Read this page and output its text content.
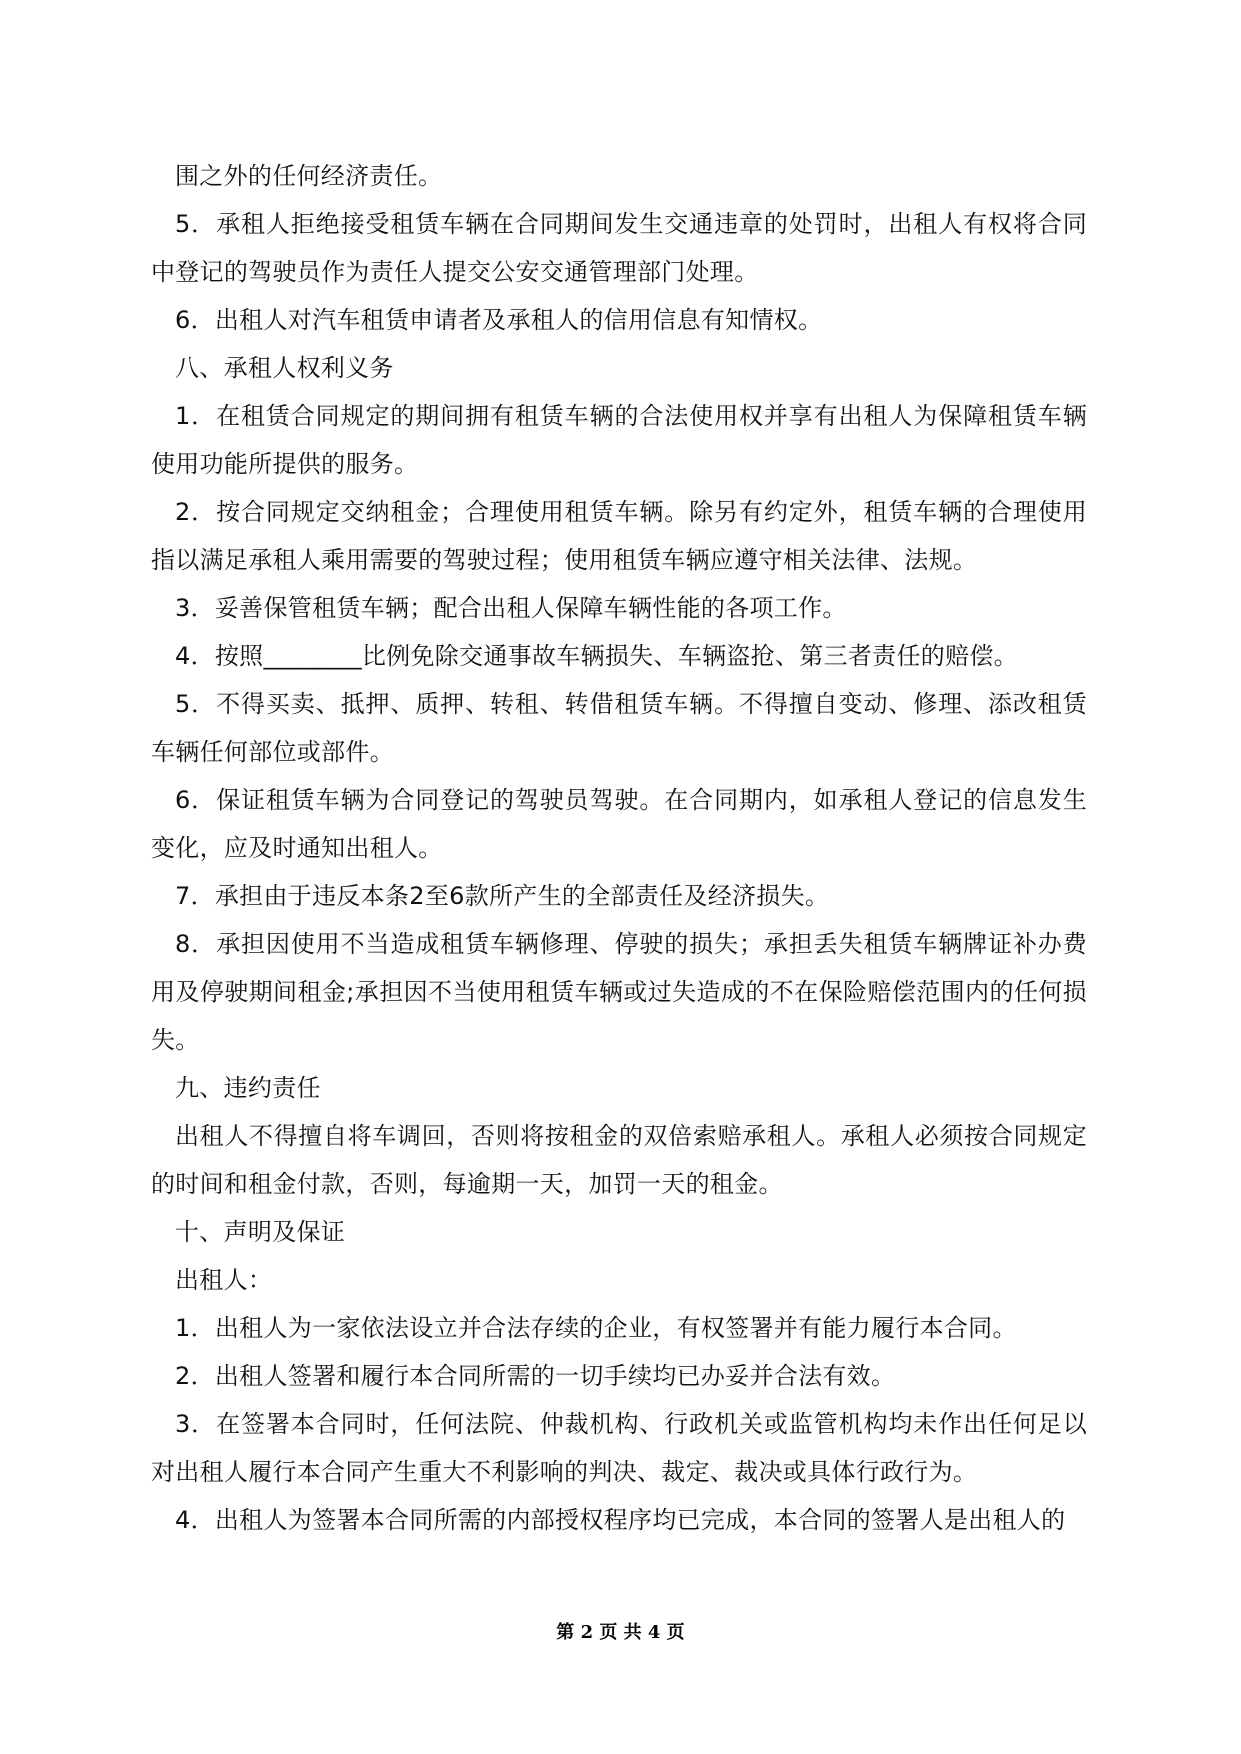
围之外的任何经济责任。

5．承租人拒绝接受租赁车辆在合同期间发生交通违章的处罚时，出租人有权将合同中登记的驾驶员作为责任人提交公安交通管理部门处理。

6．出租人对汽车租赁申请者及承租人的信用信息有知情权。

八、承租人权利义务

1．在租赁合同规定的期间拥有租赁车辆的合法使用权并享有出租人为保障租赁车辆使用功能所提供的服务。

2．按合同规定交纳租金；合理使用租赁车辆。除另有约定外，租赁车辆的合理使用指以满足承租人乘用需要的驾驶过程；使用租赁车辆应遵守相关法律、法规。

3．妥善保管租赁车辆；配合出租人保障车辆性能的各项工作。

4．按照________比例免除交通事故车辆损失、车辆盗抢、第三者责任的赔偿。

5．不得买卖、抵押、质押、转租、转借租赁车辆。不得擅自变动、修理、添改租赁车辆任何部位或部件。

6．保证租赁车辆为合同登记的驾驶员驾驶。在合同期内，如承租人登记的信息发生变化，应及时通知出租人。

7．承担由于违反本条2至6款所产生的全部责任及经济损失。

8．承担因使用不当造成租赁车辆修理、停驶的损失；承担丢失租赁车辆牌证补办费用及停驶期间租金;承担因不当使用租赁车辆或过失造成的不在保险赔偿范围内的任何损失。

九、违约责任

出租人不得擅自将车调回，否则将按租金的双倍索赔承租人。承租人必须按合同规定的时间和租金付款，否则，每逾期一天，加罚一天的租金。

十、声明及保证

出租人：

1．出租人为一家依法设立并合法存续的企业，有权签署并有能力履行本合同。

2．出租人签署和履行本合同所需的一切手续均已办妥并合法有效。

3．在签署本合同时，任何法院、仲裁机构、行政机关或监管机构均未作出任何足以对出租人履行本合同产生重大不利影响的判决、裁定、裁决或具体行政行为。

4．出租人为签署本合同所需的内部授权程序均已完成，本合同的签署人是出租人的

第 2 页 共 4 页
